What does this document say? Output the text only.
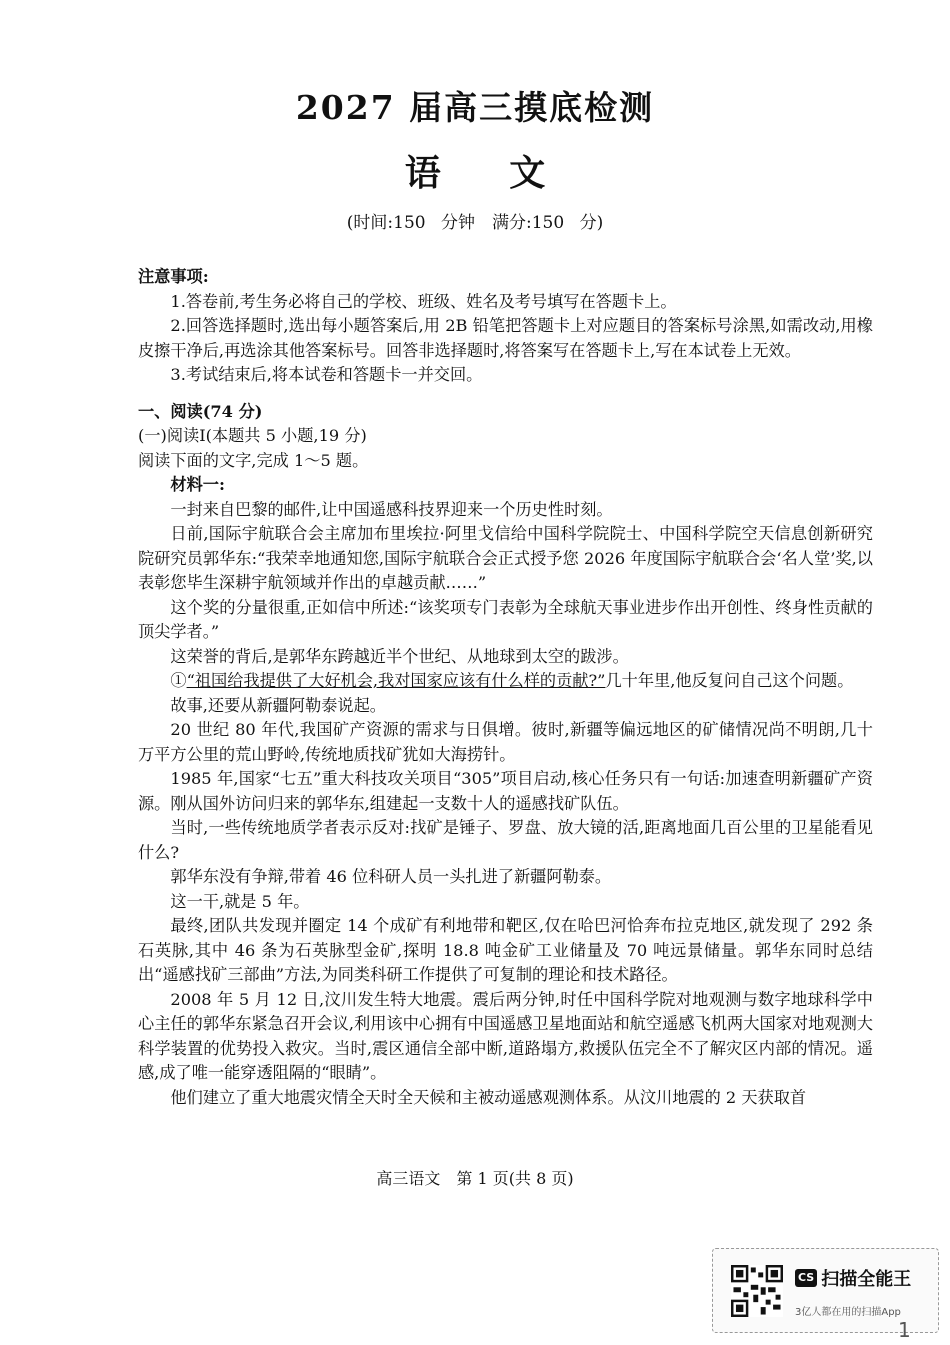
2027 届高三摸底检测
语 文
(时间:150 分钟　满分:150 分)

注意事项:

1.答卷前,考生务必将自己的学校、班级、姓名及考号填写在答题卡上。

2.回答选择题时,选出每小题答案后,用 2B 铅笔把答题卡上对应题目的答案标号涂黑,如需改动,用橡皮擦干净后,再选涂其他答案标号。回答非选择题时,将答案写在答题卡上,写在本试卷上无效。

3.考试结束后,将本试卷和答题卡一并交回。

一、阅读(74 分)

(一)阅读Ⅰ(本题共 5 小题,19 分)

阅读下面的文字,完成 1～5 题。

材料一:

一封来自巴黎的邮件,让中国遥感科技界迎来一个历史性时刻。

日前,国际宇航联合会主席加布里埃拉·阿里戈信给中国科学院院士、中国科学院空天信息创新研究院研究员郭华东:“我荣幸地通知您,国际宇航联合会正式授予您 2026 年度国际宇航联合会‘名人堂’奖,以表彰您毕生深耕宇航领域并作出的卓越贡献……”

这个奖的分量很重,正如信中所述:“该奖项专门表彰为全球航天事业进步作出开创性、终身性贡献的顶尖学者。”

这荣誉的背后,是郭华东跨越近半个世纪、从地球到太空的跋涉。

①“祖国给我提供了大好机会,我对国家应该有什么样的贡献?”几十年里,他反复问自己这个问题。

故事,还要从新疆阿勒泰说起。

20 世纪 80 年代,我国矿产资源的需求与日俱增。彼时,新疆等偏远地区的矿储情况尚不明朗,几十万平方公里的荒山野岭,传统地质找矿犹如大海捞针。

1985 年,国家“七五”重大科技攻关项目“305”项目启动,核心任务只有一句话:加速查明新疆矿产资源。刚从国外访问归来的郭华东,组建起一支数十人的遥感找矿队伍。

当时,一些传统地质学者表示反对:找矿是锤子、罗盘、放大镜的活,距离地面几百公里的卫星能看见什么?

郭华东没有争辩,带着 46 位科研人员一头扎进了新疆阿勒泰。

这一干,就是 5 年。

最终,团队共发现并圈定 14 个成矿有利地带和靶区,仅在哈巴河恰奔布拉克地区,就发现了 292 条石英脉,其中 46 条为石英脉型金矿,探明 18.8 吨金矿工业储量及 70 吨远景储量。郭华东同时总结出“遥感找矿三部曲”方法,为同类科研工作提供了可复制的理论和技术路径。

2008 年 5 月 12 日,汶川发生特大地震。震后两分钟,时任中国科学院对地观测与数字地球科学中心主任的郭华东紧急召开会议,利用该中心拥有中国遥感卫星地面站和航空遥感飞机两大国家对地观测大科学装置的优势投入救灾。当时,震区通信全部中断,道路塌方,救援队伍完全不了解灾区内部的情况。遥感,成了唯一能穿透阻隔的“眼睛”。

他们建立了重大地震灾情全天时全天候和主被动遥感观测体系。从汶川地震的 2 天获取首

高三语文　第 1 页(共 8 页)
CS 扫描全能王
3亿人都在用的扫描App
1
